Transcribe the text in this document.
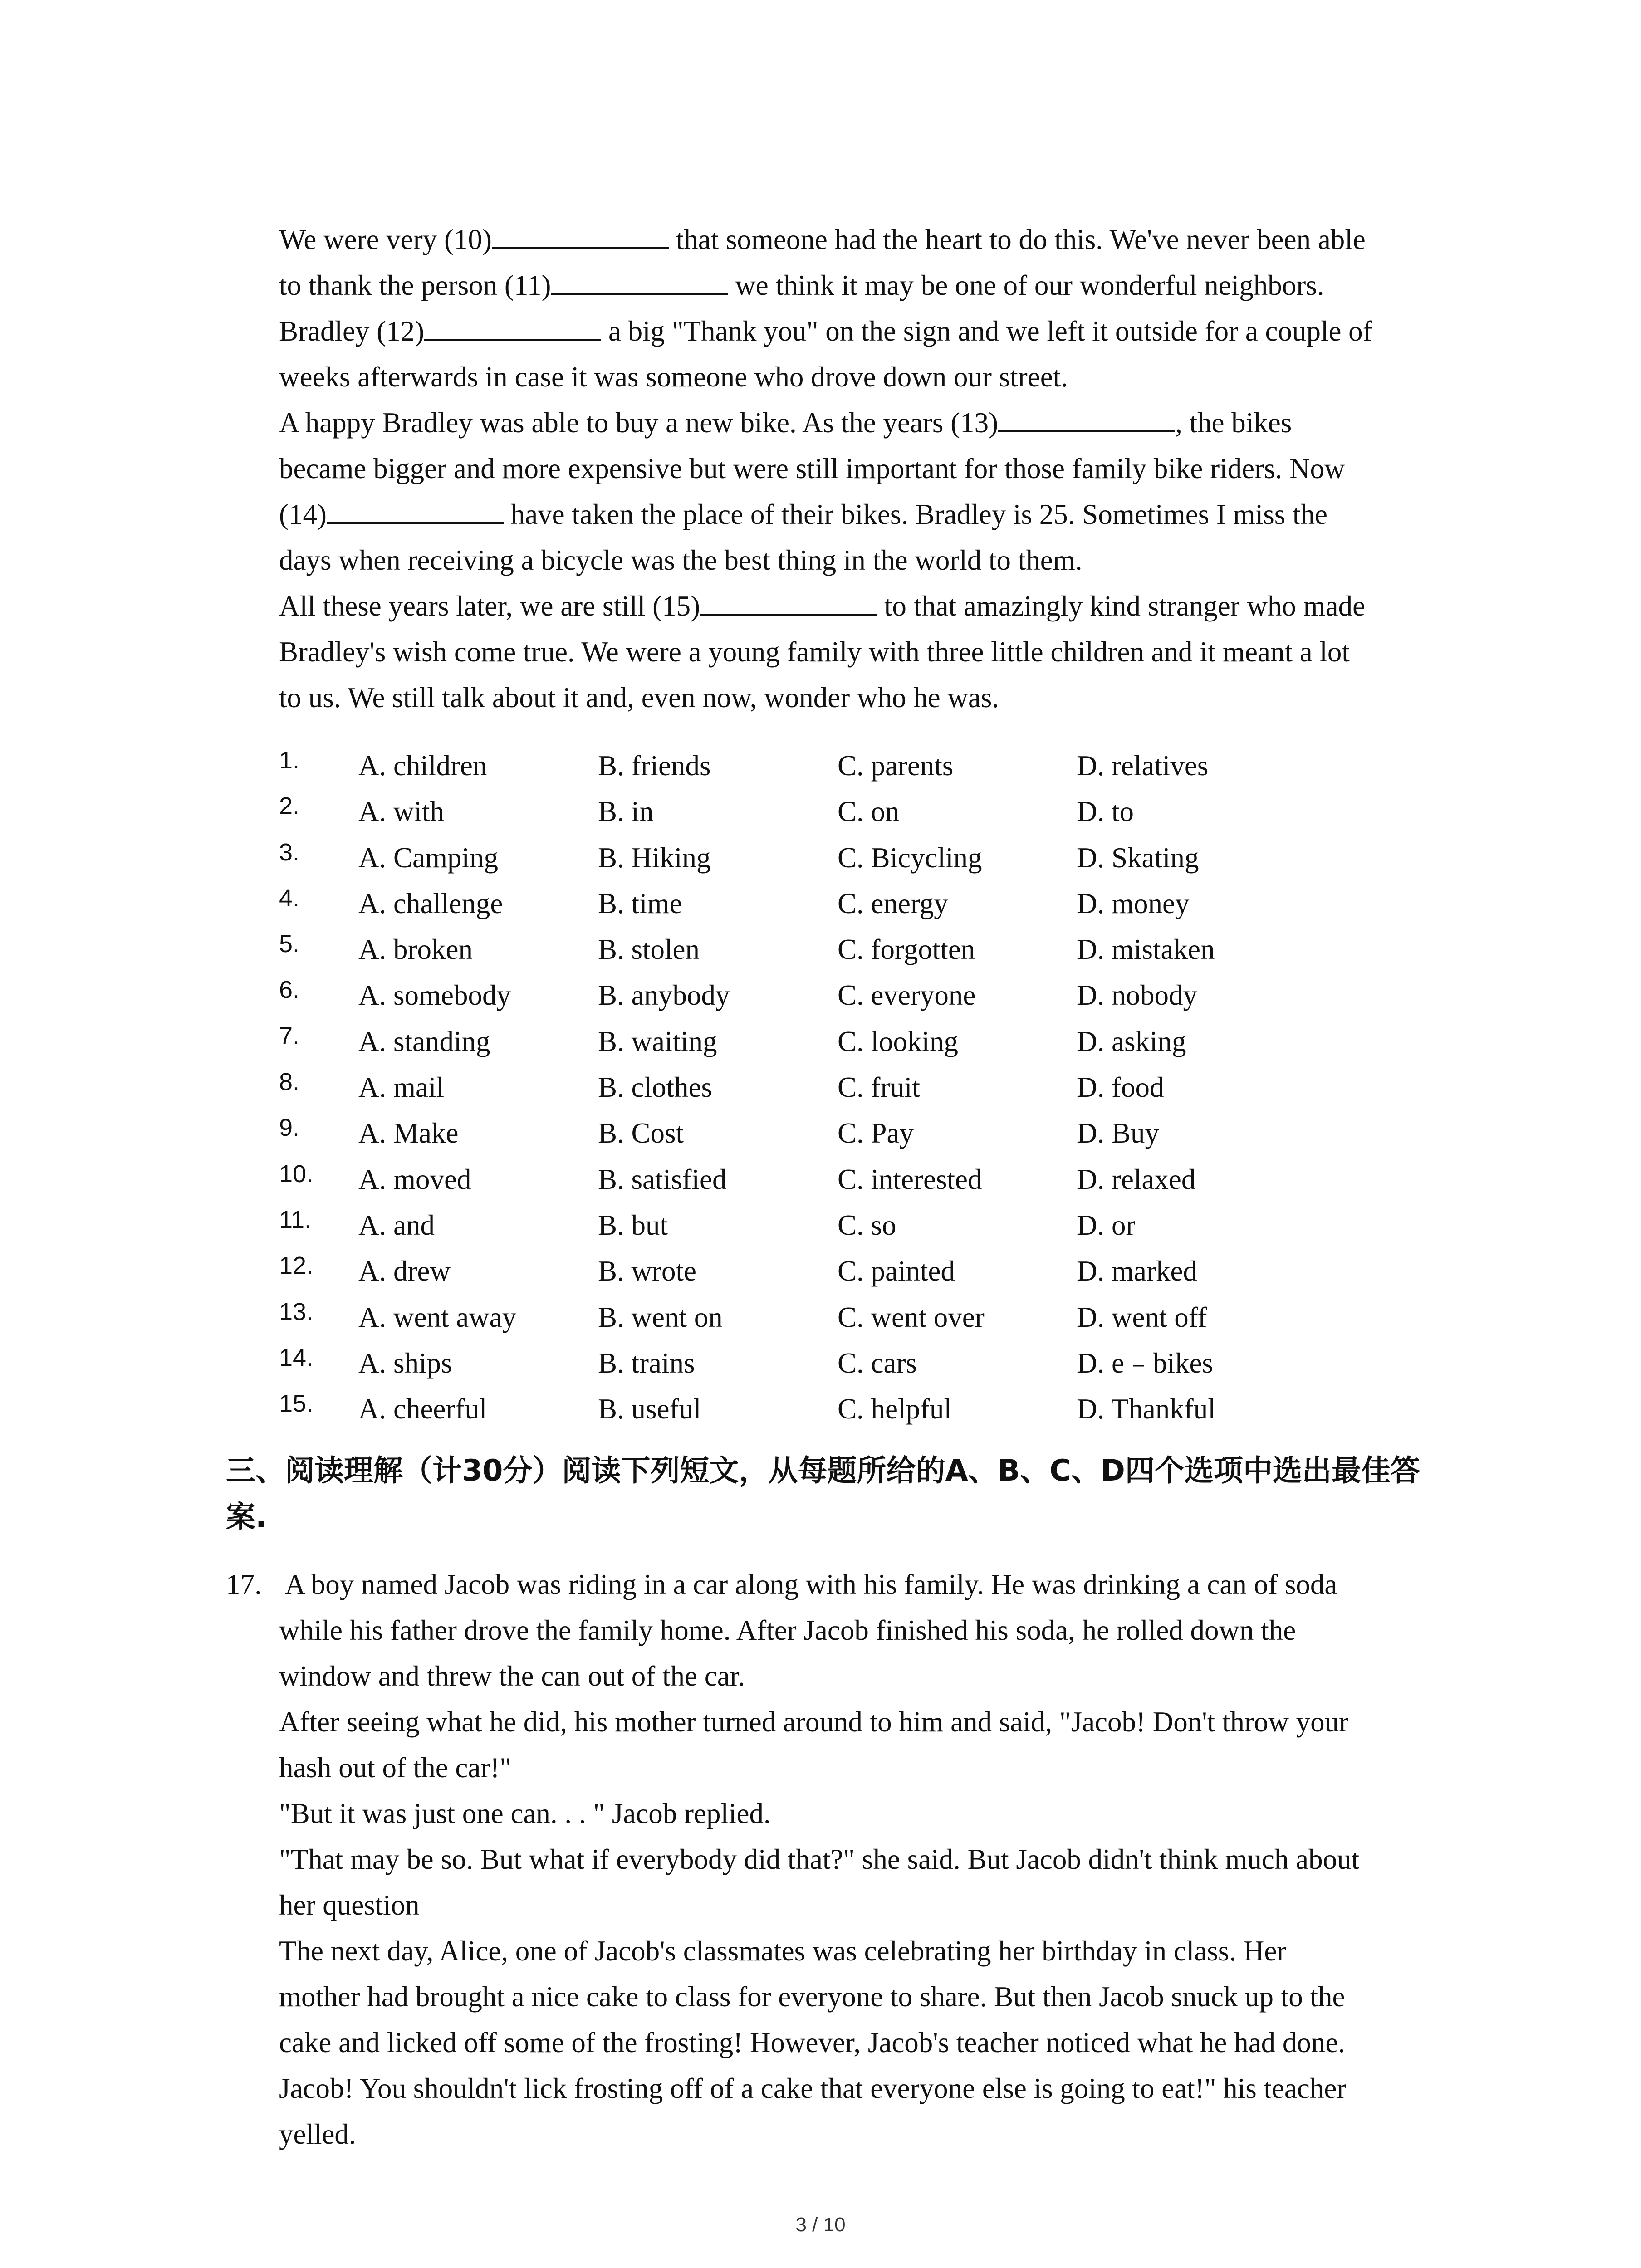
We were very (10)	that someone had the heart to do this. We've never been able
to thank the person (11)	we think it may be one of our wonderful neighbors.
Bradley (12)	a big "Thank you" on the sign and we left it outside for a couple of
weeks afterwards in case it was someone who drove down our street.
A happy Bradley was able to buy a new bike. As the years (13)	, the bikes
became bigger and more expensive but were still important for those family bike riders. Now
(14)	have taken the place of their bikes. Bradley is 25. Sometimes I miss the
days when receiving a bicycle was the best thing in the world to them.
All these years later, we are still (15)	to that amazingly kind stranger who made
Bradley's wish come true. We were a young family with three little children and it meant a lot
to us. We still talk about it and, even now, wonder who he was.
1. A. children	B. friends	C. parents	D. relatives
2. A. with	B. in	C. on	D. to
3. A. Camping	B. Hiking	C. Bicycling	D. Skating
4. A. challenge	B. time	C. energy	D. money
5. A. broken	B. stolen	C. forgotten	D. mistaken
6. A. somebody	B. anybody	C. everyone	D. nobody
7. A. standing	B. waiting	C. looking	D. asking
8. A. mail	B. clothes	C. fruit	D. food
9. A. Make	B. Cost	C. Pay	D. Buy
10. A. moved	B. satisfied	C. interested	D. relaxed
11. A. and	B. but	C. so	D. or
12. A. drew	B. wrote	C. painted	D. marked
13. A. went away	B. went on	C. went over	D. went off
14. A. ships	B. trains	C. cars	D. e﹣bikes
15. A. cheerful	B. useful	C. helpful	D. Thankful
三、阅读理解（计30分）阅读下列短文，从每题所给的A、B、C、D四个选项中选出最佳答
案.
17. A boy named Jacob was riding in a car along with his family. He was drinking a can of soda
while his father drove the family home. After Jacob finished his soda, he rolled down the
window and threw the can out of the car.
After seeing what he did, his mother turned around to him and said, "Jacob! Don't throw your
hash out of the car!"
"But it was just one can. . . " Jacob replied.
"That may be so. But what if everybody did that?" she said. But Jacob didn't think much about
her question
The next day, Alice, one of Jacob's classmates was celebrating her birthday in class. Her
mother had brought a nice cake to class for everyone to share. But then Jacob snuck up to the
cake and licked off some of the frosting! However, Jacob's teacher noticed what he had done.
Jacob! You shouldn't lick frosting off of a cake that everyone else is going to eat!" his teacher
yelled.
3 / 10
